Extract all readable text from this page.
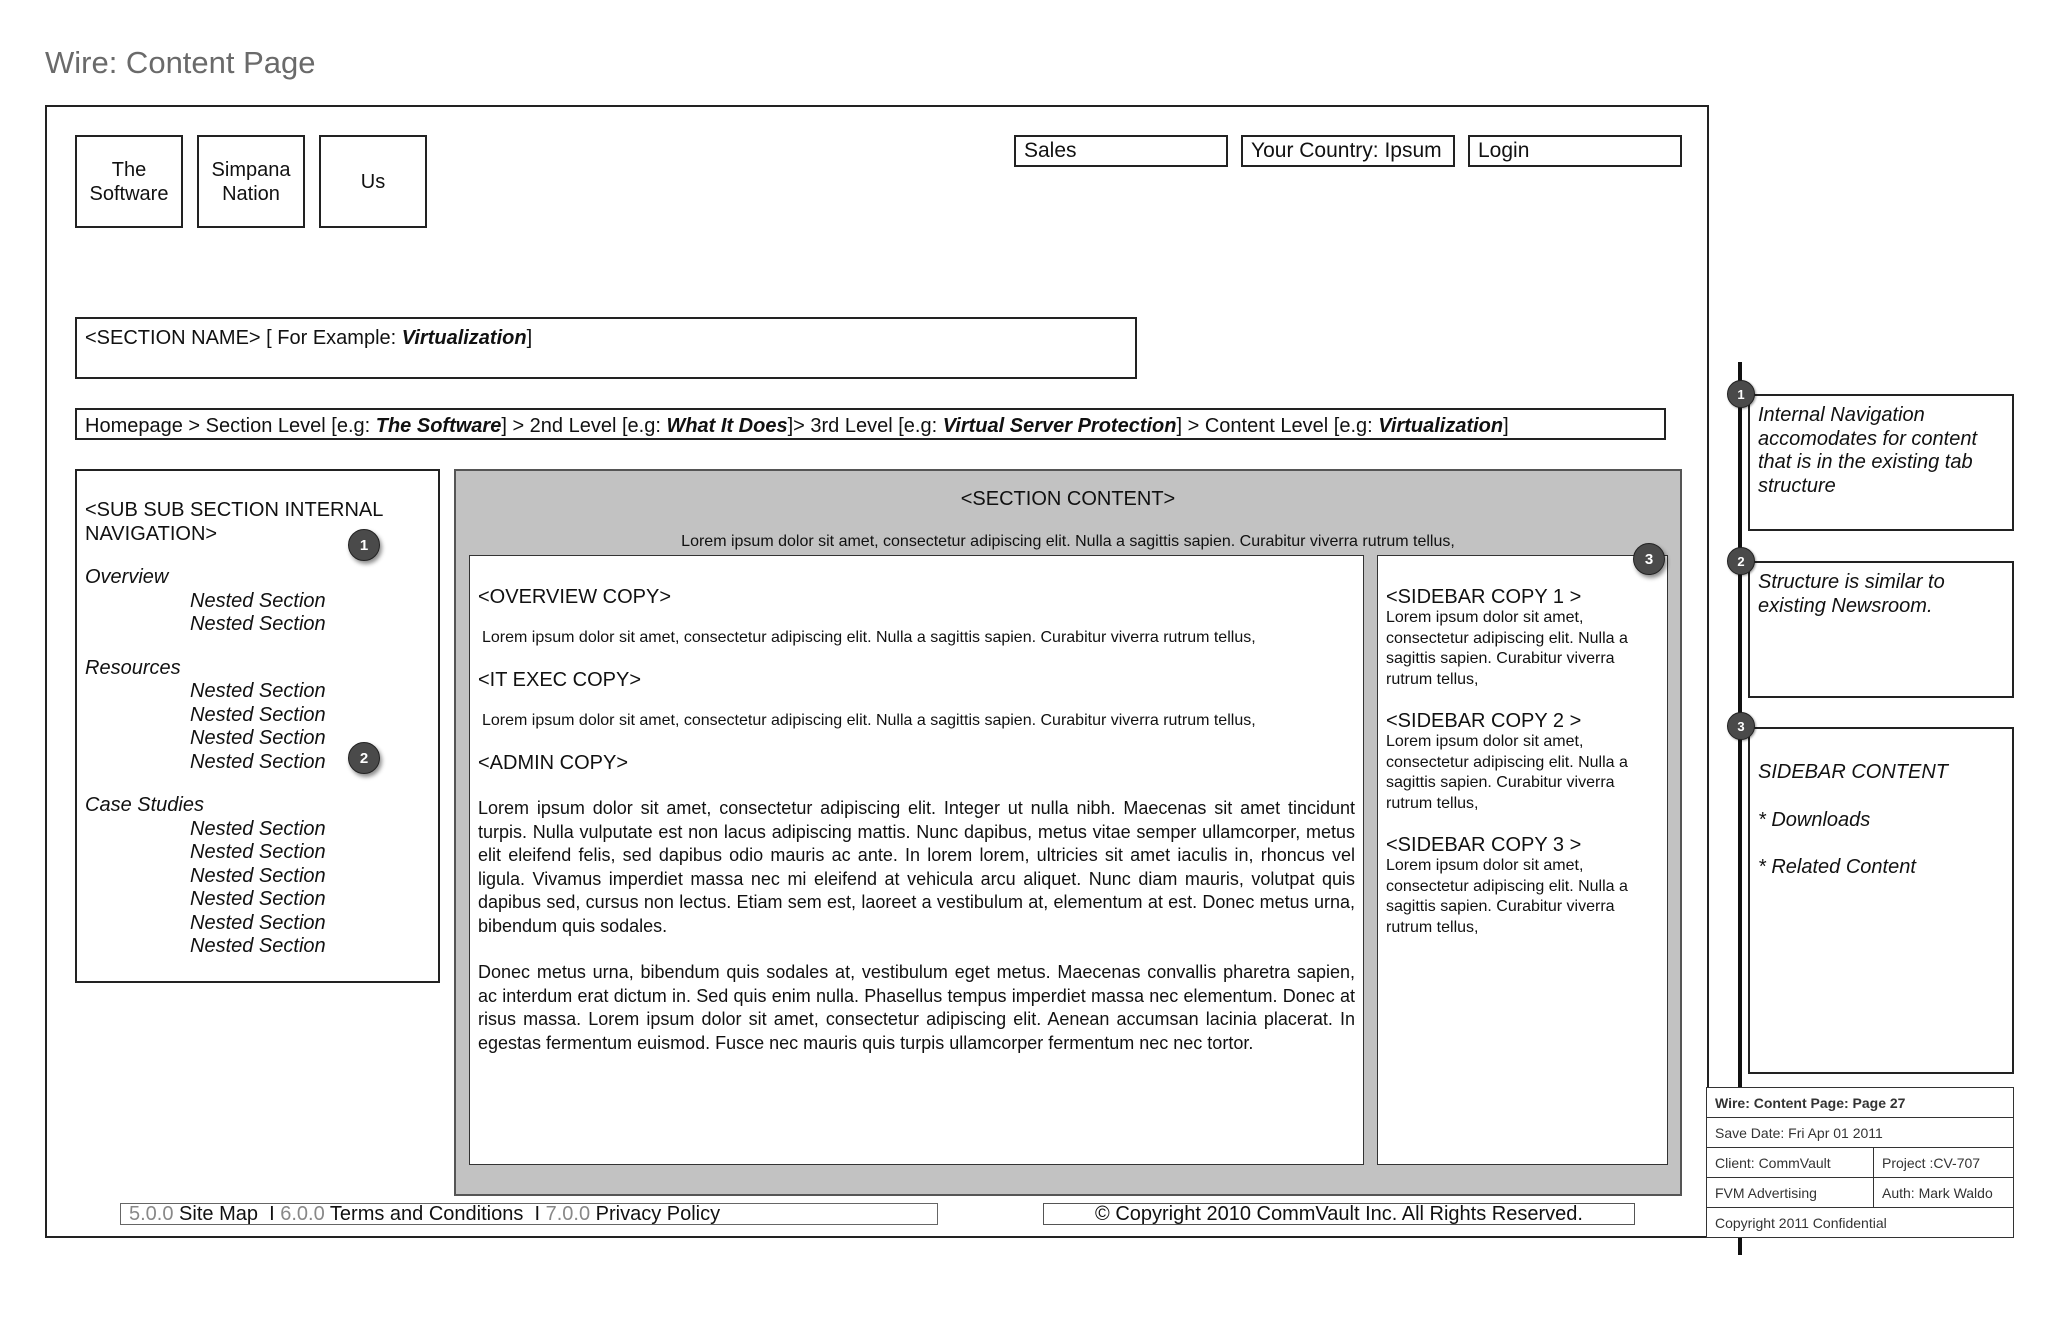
Wire: Content Page
The
Software
Simpana
Nation
Us
Sales	Your Country: Ipsum	Login
<SECTION NAME> [ For Example: Virtualization]
Homepage > Section Level [e.g: The Software] > 2nd Level [e.g: What It Does]> 3rd Level [e.g: Virtual Server Protection] > Content Level [e.g: Virtualization]
<SUB SUB SECTION INTERNAL NAVIGATION>
Overview
Nested Section
Nested Section
Resources
Nested Section
Nested Section
Nested Section
Nested Section
Case Studies
Nested Section
Nested Section
Nested Section
Nested Section
Nested Section
Nested Section
1
2
<SECTION CONTENT>
Lorem ipsum dolor sit amet, consectetur adipiscing elit. Nulla a sagittis sapien. Curabitur viverra rutrum tellus,
<OVERVIEW COPY>
Lorem ipsum dolor sit amet, consectetur adipiscing elit. Nulla a sagittis sapien. Curabitur viverra rutrum tellus,
<IT EXEC COPY>
Lorem ipsum dolor sit amet, consectetur adipiscing elit. Nulla a sagittis sapien. Curabitur viverra rutrum tellus,
<ADMIN COPY>
Lorem ipsum dolor sit amet, consectetur adipiscing elit. Integer ut nulla nibh. Maecenas sit amet tincidunt turpis. Nulla vulputate est non lacus adipiscing mattis. Nunc dapibus, metus vitae semper ullamcorper, metus elit eleifend felis, sed dapibus odio mauris ac ante. In lorem lorem, ultricies sit amet iaculis in, rhoncus vel ligula. Vivamus imperdiet massa nec mi eleifend at vehicula arcu aliquet. Nunc diam mauris, volutpat quis dapibus sed, cursus non lectus. Etiam sem est, laoreet a vestibulum at, elementum at est. Donec metus urna, bibendum quis sodales.
Donec metus urna, bibendum quis sodales at, vestibulum eget metus. Maecenas convallis pharetra sapien, ac interdum erat dictum in. Sed quis enim nulla. Phasellus tempus imperdiet massa nec elementum. Donec at risus massa. Lorem ipsum dolor sit amet, consectetur adipiscing elit. Aenean accumsan lacinia placerat. In egestas fermentum euismod. Fusce nec mauris quis turpis ullamcorper fermentum nec nec tortor.
<SIDEBAR COPY 1 >
Lorem ipsum dolor sit amet, consectetur adipiscing elit. Nulla a sagittis sapien. Curabitur viverra rutrum tellus,
<SIDEBAR COPY 2 >
Lorem ipsum dolor sit amet, consectetur adipiscing elit. Nulla a sagittis sapien. Curabitur viverra rutrum tellus,
<SIDEBAR COPY 3 >
Lorem ipsum dolor sit amet, consectetur adipiscing elit. Nulla a sagittis sapien. Curabitur viverra rutrum tellus,
3
5.0.0 Site Map I 6.0.0 Terms and Conditions I 7.0.0 Privacy Policy	© Copyright 2010 CommVault Inc. All Rights Reserved.
Internal Navigation accomodates for content that is in the existing tab structure
1
Structure is similar to existing Newsroom.
2
SIDEBAR CONTENT
* Downloads
* Related Content
3
Wire: Content Page: Page 27
Save Date: Fri Apr 01 2011
Client: CommVault	Project :CV-707
FVM Advertising	Auth: Mark Waldo
Copyright 2011 Confidential
